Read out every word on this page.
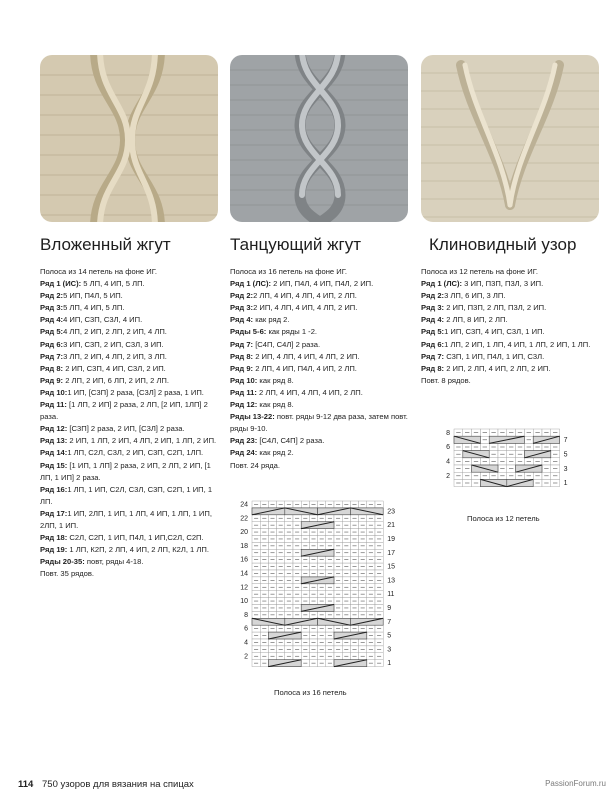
Вложенный жгут	Танцующий жгут	Клиновидный узор
Полоса из 14 петель на фоне ИГ.
Ряд 1 (ИС): 5 ЛП, 4 ИП, 5 ЛП.
Ряд 2:5 ИП, П4Л, 5 ИП.
Ряд 3:5 ЛП, 4 ИП, 5 ЛП.
Ряд 4:4 ИП, С3П, С3Л, 4 ИП.
Ряд 5:4 ЛП, 2 ИП, 2 ЛП, 2 ИП, 4 ЛП.
Ряд 6:3 ИП, С3П, 2 ИП, С3Л, 3 ИП.
Ряд 7:3 ЛП, 2 ИП, 4 ЛП, 2 ИП, 3 ЛП.
Ряд 8: 2 ИП, С3П, 4 ИП, С3Л, 2 ИП.
Ряд 9: 2 ЛП, 2 ИП, 6 ЛП, 2 ИП, 2 ЛП.
Ряд 10:1 ИП, [С3П] 2 раза, [С3Л] 2 раза, 1 ИП.
Ряд 11: [1 ЛП, 2 ИП] 2 раза, 2 ЛП, [2 ИП, 1ЛП] 2 раза.
Ряд 12: [С3П] 2 раза, 2 ИП, [С3Л] 2 раза.
Ряд 13: 2 ИП, 1 ЛП, 2 ИП, 4 ЛП, 2 ИП, 1 ЛП, 2 ИП.
Ряд 14:1 ЛП, С2Л, С3Л, 2 ИП, С3П, С2П, 1ЛП.
Ряд 15: [1 ИП, 1 ЛП] 2 раза, 2 ИП, 2 ЛП, 2 ИП, [1 ЛП, 1 ИП] 2 раза.
Ряд 16:1 ЛП, 1 ИП, С2Л, С3Л, С3П, С2П, 1 ИП, 1 ЛП.
Ряд 17:1 ИП, 2ЛП, 1 ИП, 1 ЛП, 4 ИП, 1 ЛП, 1 ИП, 2ЛП, 1 ИП.
Ряд 18: С2Л, С2П, 1 ИП, П4Л, 1 ИП,С2Л, С2П.
Ряд 19: 1 ЛП, К2П, 2 ЛП, 4 ИП, 2 ЛП, К2Л, 1 ЛП.
Ряды 20-35: повт, ряды 4-18.
Повт. 35 рядов.
Полоса из 16 петель на фоне ИГ.
Ряд 1 (ЛС): 2 ИП, П4Л, 4 ИП, П4Л, 2 ИП.
Ряд 2:2 ЛП, 4 ИП, 4 ЛП, 4 ИП, 2 ЛП.
Ряд 3:2 ИП, 4 ЛП, 4 ИП, 4 ЛП, 2 ИП.
Ряд 4: как ряд 2.
Ряды 5-6: как ряды 1 -2.
Ряд 7: [С4П, С4Л] 2 раза.
Ряд 8: 2 ИП, 4 ЛП, 4 ИП, 4 ЛП, 2 ИП.
Ряд 9: 2 ЛП, 4 ИП, П4Л, 4 ИП, 2 ЛП.
Ряд 10: как ряд 8.
Ряд 11: 2 ЛП, 4 ИП, 4 ЛП, 4 ИП, 2 ЛП.
Ряд 12: как ряд 8.
Ряды 13-22: повт. ряды 9-12 два раза, затем повт. ряды 9-10.
Ряд 23: [С4Л, С4П] 2 раза.
Ряд 24: как ряд 2.
Повт. 24 ряда.
Полоса из 12 петель на фоне ИГ.
Ряд 1 (ЛС): 3 ИП, П3П, П3Л, 3 ИП.
Ряд 2:3 ЛП, 6 ИП, 3 ЛП.
Ряд 3: 2 ИП, П3П, 2 ЛП, П3Л, 2 ИП.
Ряд 4: 2 ЛП, 8 ИП, 2 ЛП.
Ряд 5:1 ИП, С3П, 4 ИП, С3Л, 1 ИП.
Ряд 6:1 ЛП, 2 ИП, 1 ЛП, 4 ИП, 1 ЛП, 2 ИП, 1 ЛП.
Ряд 7: С3П, 1 ИП, П4Л, 1 ИП, С3Л.
Ряд 8: 2 ИП, 2 ЛП, 4 ИП, 2 ЛП, 2 ИП.
Повт. 8 рядов.
24
22
20
18
16
14
12
10
8
6
4
2
23
21
19
17
15
13
11
9
7
5
3
1
Полоса из 16 петель
8
6
4
2
7
5
3
1
Полоса из 12 петель
114 750 узоров для вязания на спицах	PassionForum.ru
